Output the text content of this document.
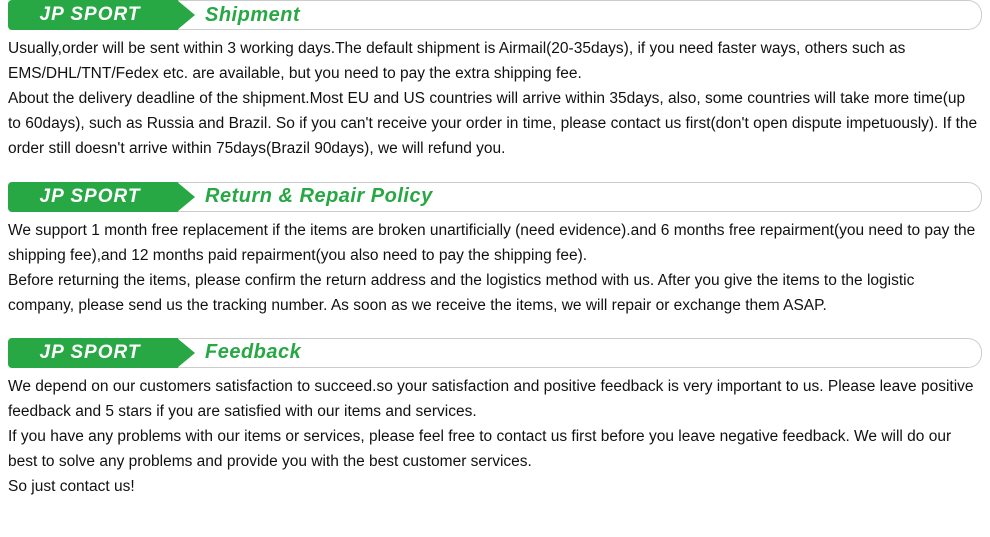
JP SPORT	Shipment

Usually,order will be sent within 3 working days.The default shipment is Airmail(20-35days), if you need faster ways, others such as EMS/DHL/TNT/Fedex etc. are available, but you need to pay the extra shipping fee.

About the delivery deadline of the shipment.Most EU and US countries will arrive within 35days, also, some countries will take more time(up to 60days), such as Russia and Brazil. So if you can't receive your order in time, please contact us first(don't open dispute impetuously). If the order still doesn't arrive within 75days(Brazil 90days), we will refund you.

JP SPORT	Return & Repair Policy

We support 1 month free replacement if the items are broken unartificially (need evidence).and 6 months free repairment(you need to pay the shipping fee),and 12 months paid repairment(you also need to pay the shipping fee).

Before returning the items, please confirm the return address and the logistics method with us. After you give the items to the logistic company, please send us the tracking number. As soon as we receive the items, we will repair or exchange them ASAP.

JP SPORT	Feedback

We depend on our customers satisfaction to succeed.so your satisfaction and positive feedback is very important to us. Please leave positive feedback and 5 stars if you are satisfied with our items and services.

If you have any problems with our items or services, please feel free to contact us first before you leave negative feedback. We will do our best to solve any problems and provide you with the best customer services.

So just contact us!
